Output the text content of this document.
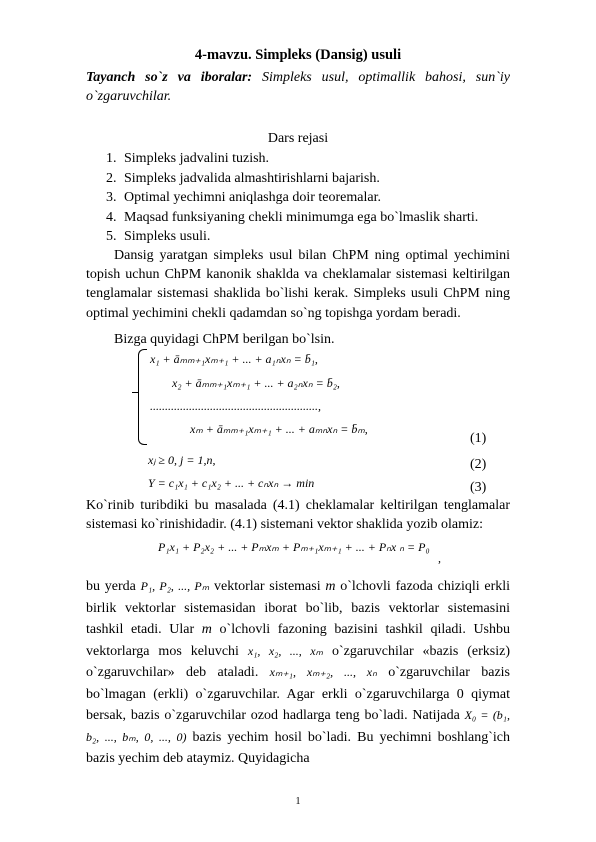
4-mavzu. Simpleks (Dansig) usuli
Tayanch so`z va iboralar: Simpleks usul, optimallik bahosi, sun`iy o`zgaruvchilar.
Dars rejasi
1. Simpleks jadvalini tuzish.
2. Simpleks jadvalida almashtirishlarni bajarish.
3. Optimal yechimni aniqlashga doir teoremalar.
4. Maqsad funksiyaning chekli minimumga ega bo`lmaslik sharti.
5. Simpleks usuli.
Dansig yaratgan simpleks usul bilan ChPM ning optimal yechimini topish uchun ChPM kanonik shaklda va cheklamalar sistemasi keltirilgan tenglamalar sistemasi shaklida bo`lishi kerak. Simpleks usuli ChPM ning optimal yechimini chekli qadamdan so`ng topishga yordam beradi.
Bizga quyidagi ChPM berilgan bo`lsin.
x₁ + āₘₘ₊₁xₘ₊₁ + ... + a₁ₙxₙ = b̄₁,
x₂ + āₘₘ₊₁xₘ₊₁ + ... + a₂ₙxₙ = b̄₂,
........................................................,
xₘ + āₘₘ₊₁xₘ₊₁ + ... + aₘₙxₙ = b̄ₘ,
(1)
xⱼ ≥ 0, j = 1,n,	(2)
Y = c₁x₁ + c₁x₂ + ... + cₙxₙ → min	(3)
Ko`rinib turibdiki bu masalada (4.1) cheklamalar keltirilgan tenglamalar sistemasi ko`rinishidadir. (4.1) sistemani vektor shaklida yozib olamiz:
P₁x₁ + P₂x₂ + ... + Pₘxₘ + Pₘ₊₁xₘ₊₁ + ... + Pₙx ₙ = P₀
,
bu yerda P₁, P₂, ..., Pₘ vektorlar sistemasi m o`lchovli fazoda chiziqli erkli birlik vektorlar sistemasidan iborat bo`lib, bazis vektorlar sistemasini tashkil etadi. Ular m o`lchovli fazoning bazisini tashkil qiladi. Ushbu vektorlarga mos keluvchi x₁, x₂, ..., xₘ o`zgaruvchilar «bazis (erksiz) o`zgaruvchilar» deb ataladi. xₘ₊₁, xₘ₊₂, ..., xₙ o`zgaruvchilar bazis bo`lmagan (erkli) o`zgaruvchilar. Agar erkli o`zgaruvchilarga 0 qiymat bersak, bazis o`zgaruvchilar ozod hadlarga teng bo`ladi. Natijada X₀ = (b₁, b₂, ..., bₘ, 0, ..., 0) bazis yechim hosil bo`ladi. Bu yechimni boshlang`ich bazis yechim deb ataymiz. Quyidagicha
1
